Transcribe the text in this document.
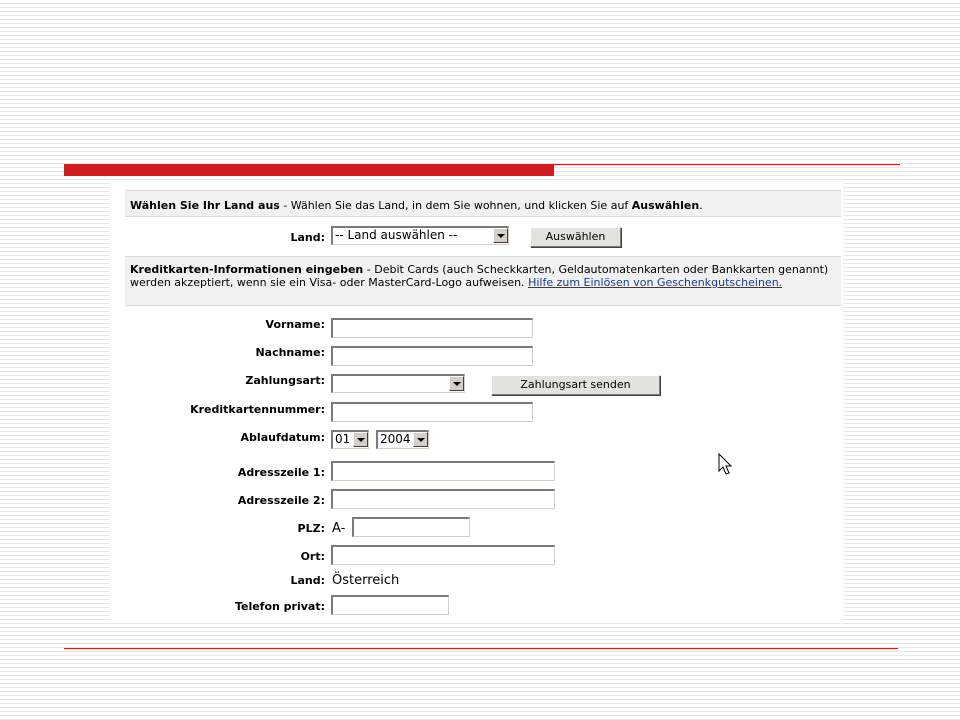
Wählen Sie Ihr Land aus - Wählen Sie das Land, in dem Sie wohnen, und klicken Sie auf Auswählen.
Land: -- Land auswählen --	Auswählen
Kreditkarten-Informationen eingeben - Debit Cards (auch Scheckkarten, Geldautomatenkarten oder Bankkarten genannt) werden akzeptiert, wenn sie ein Visa- oder MasterCard-Logo aufweisen. Hilfe zum Einlösen von Geschenkgutscheinen.
Vorname:
Nachname:
Zahlungsart:	Zahlungsart senden
Kreditkartennummer:
Ablaufdatum: 01	2004
Adresszeile 1:
Adresszeile 2:
PLZ: A-
Ort:
Land: Österreich
Telefon privat:
